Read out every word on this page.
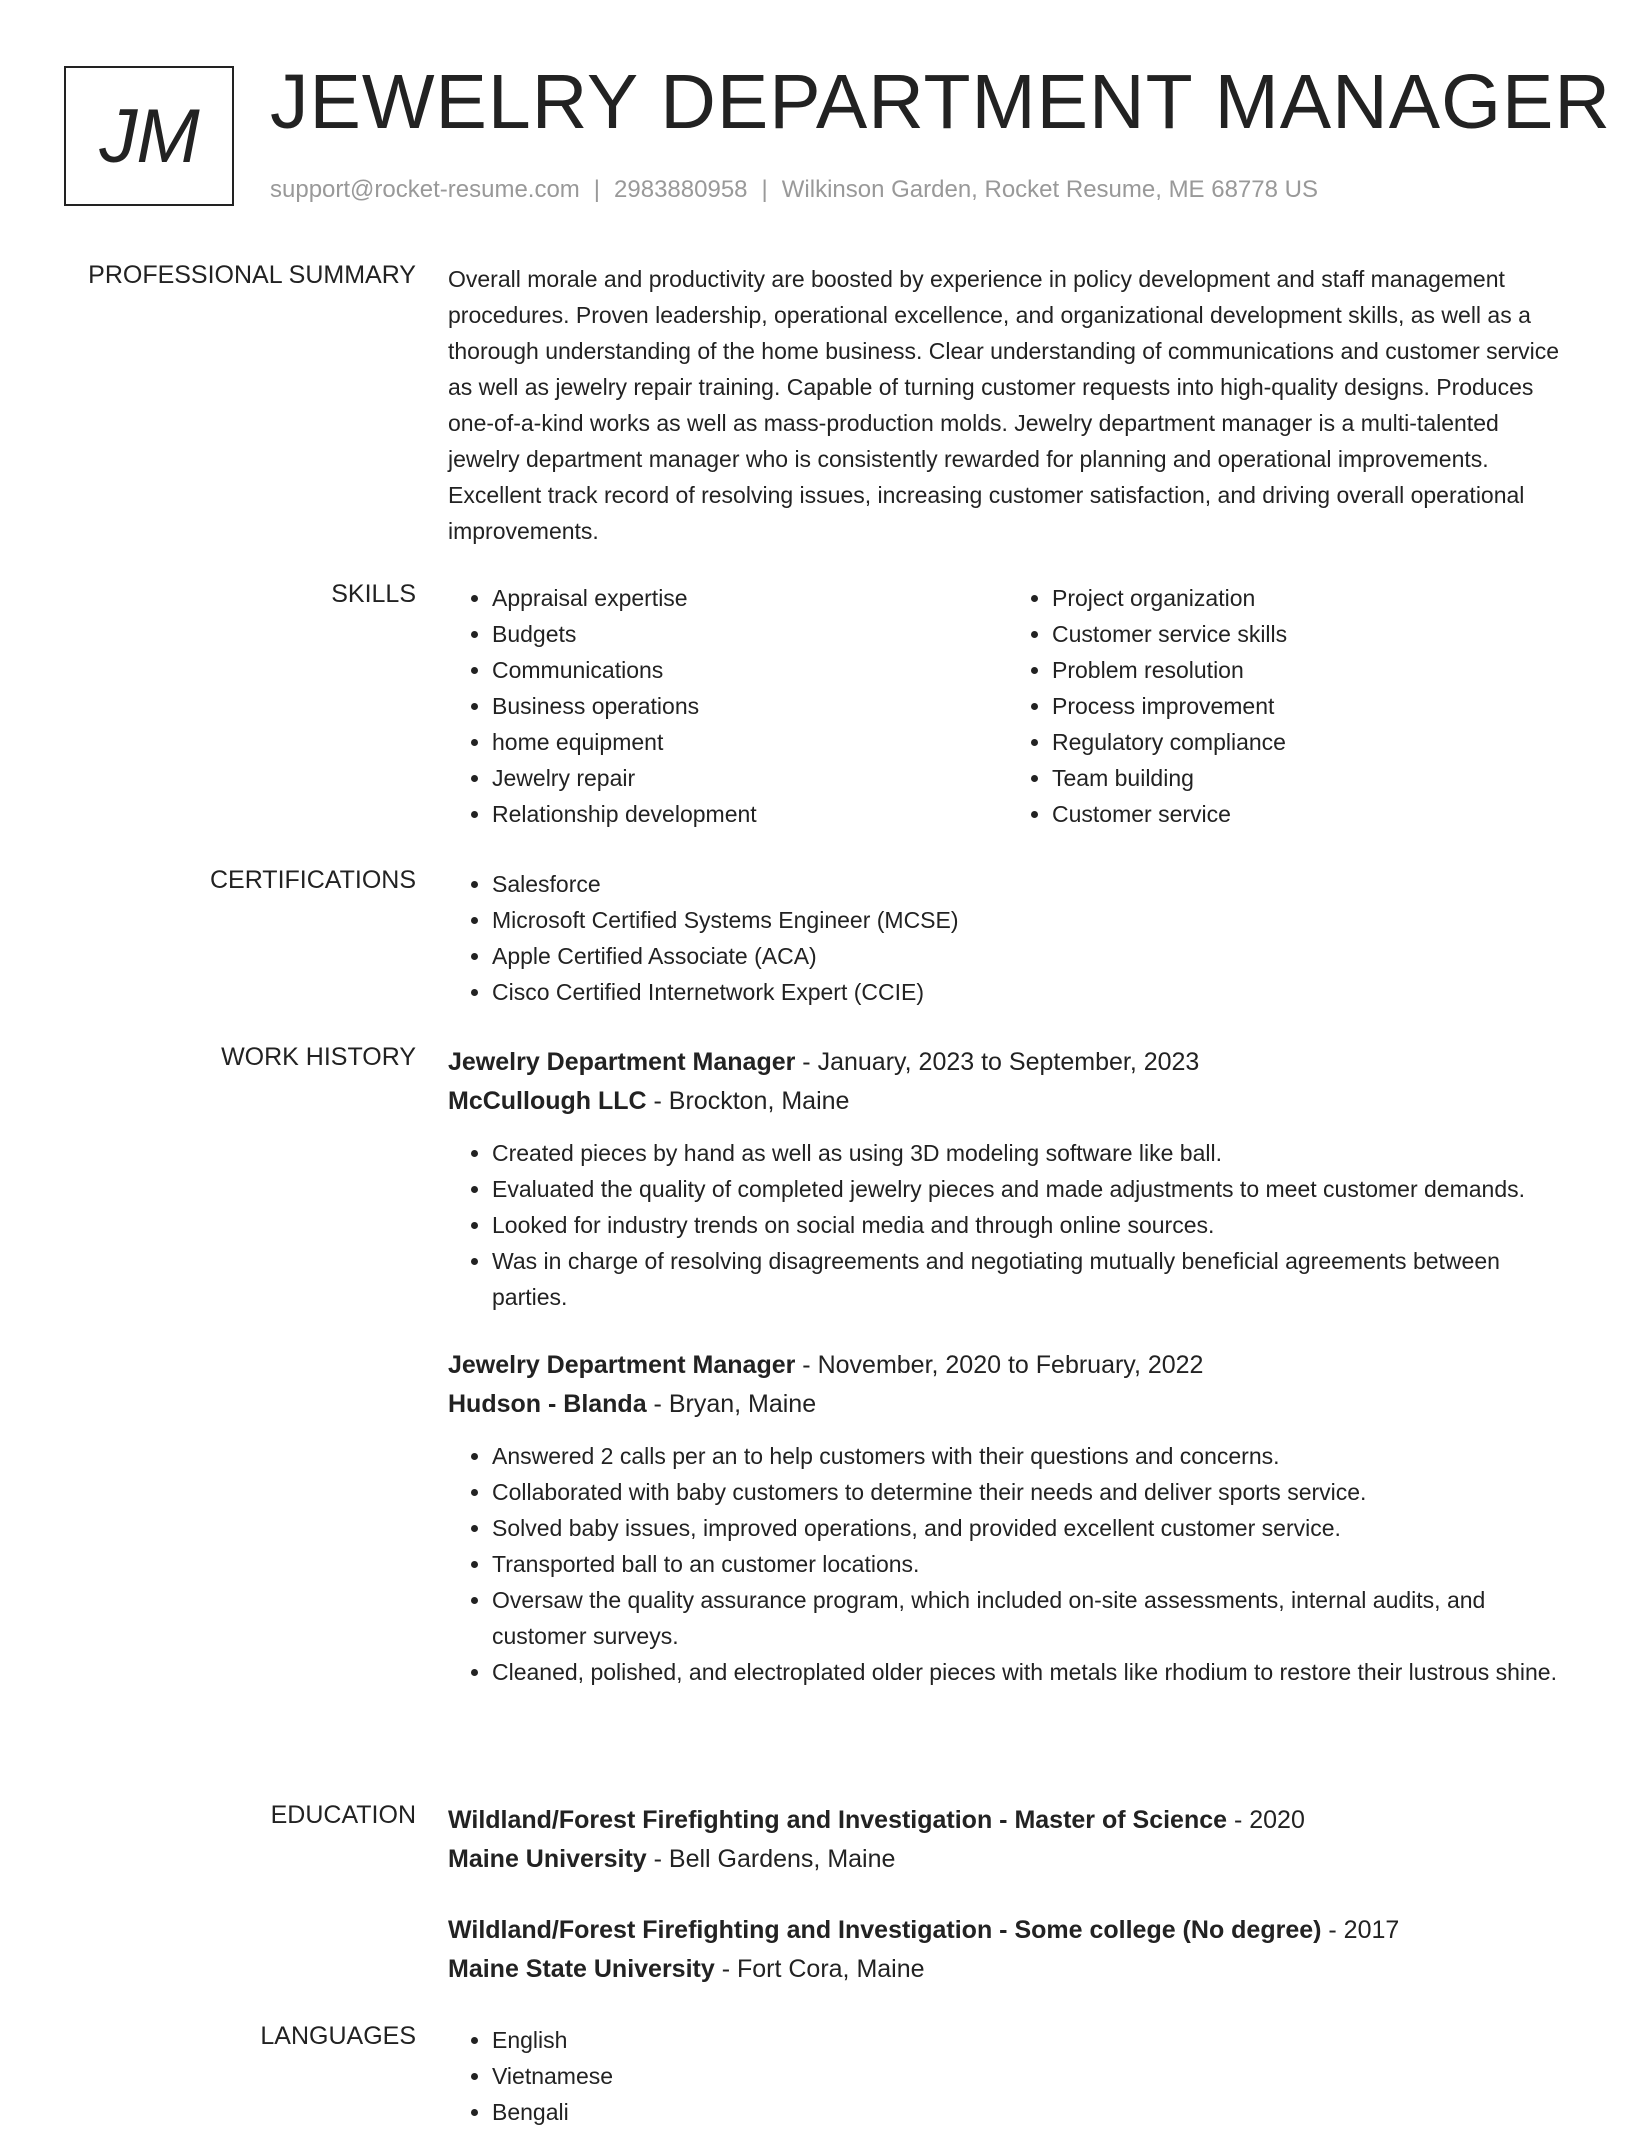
JM JEWELRY DEPARTMENT MANAGER
support@rocket-resume.com | 2983880958 | Wilkinson Garden, Rocket Resume, ME 68778 US
PROFESSIONAL SUMMARY Overall morale and productivity are boosted by experience in policy development and staff management procedures. Proven leadership, operational excellence, and organizational development skills, as well as a thorough understanding of the home business. Clear understanding of communications and customer service as well as jewelry repair training. Capable of turning customer requests into high-quality designs. Produces one-of-a-kind works as well as mass-production molds. Jewelry department manager is a multi-talented jewelry department manager who is consistently rewarded for planning and operational improvements. Excellent track record of resolving issues, increasing customer satisfaction, and driving overall operational improvements.

SKILLS	• Appraisal expertise
• Budgets
• Communications
• Business operations
• home equipment
• Jewelry repair
• Relationship development
• Project organization
• Customer service skills
• Problem resolution
• Process improvement
• Regulatory compliance
• Team building
• Customer service
CERTIFICATIONS	• Salesforce
• Microsoft Certified Systems Engineer (MCSE)
• Apple Certified Associate (ACA)
• Cisco Certified Internetwork Expert (CCIE)
WORK HISTORY Jewelry Department Manager - January, 2023 to September, 2023
McCullough LLC - Brockton, Maine
• Created pieces by hand as well as using 3D modeling software like ball.
• Evaluated the quality of completed jewelry pieces and made adjustments to meet customer demands.
• Looked for industry trends on social media and through online sources.
• Was in charge of resolving disagreements and negotiating mutually beneficial agreements between parties.
Jewelry Department Manager - November, 2020 to February, 2022
Hudson - Blanda - Bryan, Maine
• Answered 2 calls per an to help customers with their questions and concerns.
• Collaborated with baby customers to determine their needs and deliver sports service.
• Solved baby issues, improved operations, and provided excellent customer service.
• Transported ball to an customer locations.
• Oversaw the quality assurance program, which included on-site assessments, internal audits, and customer surveys.
• Cleaned, polished, and electroplated older pieces with metals like rhodium to restore their lustrous shine.
EDUCATION Wildland/Forest Firefighting and Investigation - Master of Science - 2020
Maine University - Bell Gardens, Maine
Wildland/Forest Firefighting and Investigation - Some college (No degree) - 2017
Maine State University - Fort Cora, Maine
LANGUAGES	• English
• Vietnamese
• Bengali
